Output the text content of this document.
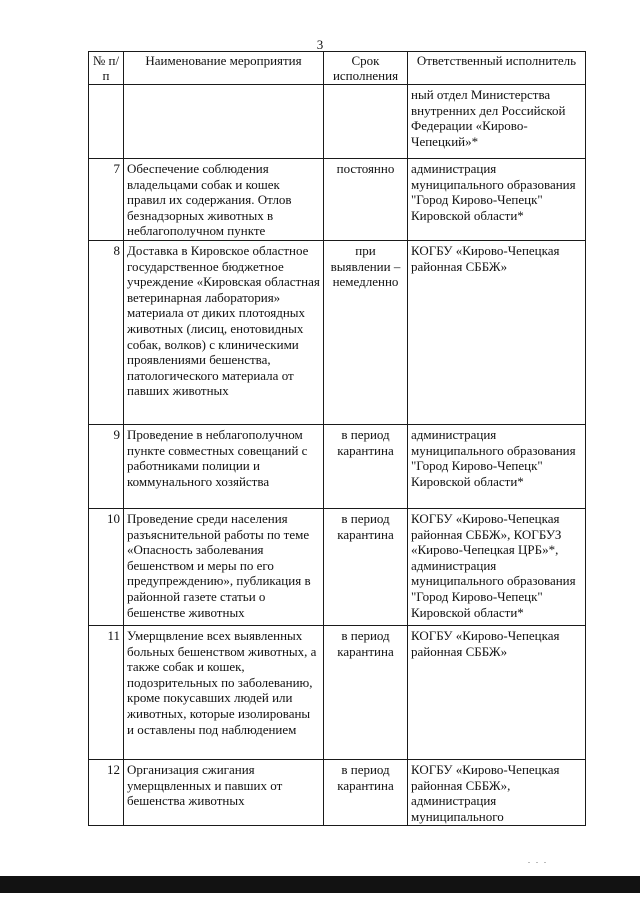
3
№ п/п	Наименование мероприятия	Срок исполнения	Ответственный исполнитель
			ный отдел Министерства внутренних дел Российской Федерации «Кирово-Чепецкий»*
7	Обеспечение соблюдения владельцами собак и кошек правил их содержания. Отлов безнадзорных животных в неблагополучном пункте	постоянно	администрация муниципального образования "Город Кирово-Чепецк" Кировской области*
8	Доставка в Кировское областное государственное бюджетное учреждение «Кировская областная ветеринарная лаборатория» материала от диких плотоядных животных (лисиц, енотовидных собак, волков) с клиническими проявлениями бешенства, патологического материала от павших животных	при выявлении – немедленно	КОГБУ «Кирово-Чепецкая районная СББЖ»
9	Проведение в неблагополучном пункте совместных совещаний с работниками полиции и коммунального хозяйства	в период карантина	администрация муниципального образования "Город Кирово-Чепецк" Кировской области*
10	Проведение среди населения разъяснительной работы по теме «Опасность заболевания бешенством и меры по его предупреждению», публикация в районной газете статьи о бешенстве животных	в период карантина	КОГБУ «Кирово-Чепецкая районная СББЖ», КОГБУЗ «Кирово-Чепецкая ЦРБ»*, администрация муниципального образования "Город Кирово-Чепецк" Кировской области*
11	Умерщвление всех выявленных больных бешенством животных, а также собак и кошек, подозрительных по заболеванию, кроме покусавших людей или животных, которые изолированы и оставлены под наблюдением	в период карантина	КОГБУ «Кирово-Чепецкая районная СББЖ»
12	Организация сжигания умерщвленных и павших от бешенства животных	в период карантина	КОГБУ «Кирово-Чепецкая районная СББЖ», администрация муниципального
